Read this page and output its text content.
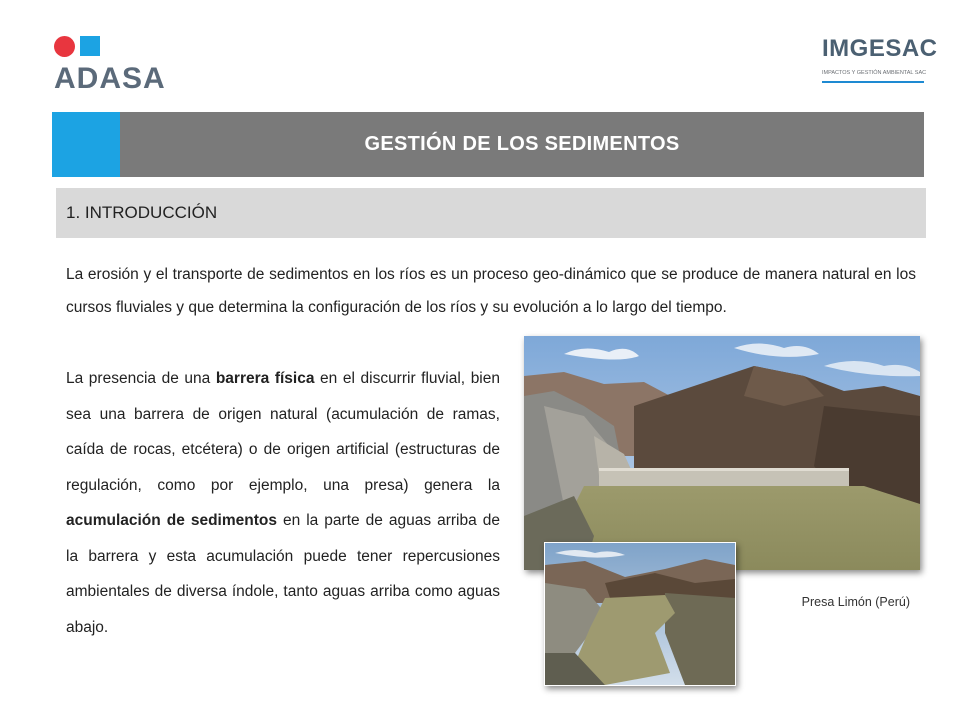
ADASA
IMGESAC
IMPACTOS Y GESTIÓN AMBIENTAL SAC
GESTIÓN DE LOS SEDIMENTOS
1. INTRODUCCIÓN

La erosión y el transporte de sedimentos en los ríos es un proceso geo-dinámico que se produce de manera natural en los cursos fluviales y que determina la configuración de los ríos y su evolución a lo largo del tiempo.

La presencia de una barrera física en el discurrir fluvial, bien sea una barrera de origen natural (acumulación de ramas, caída de rocas, etcétera) o de origen artificial (estructuras de regulación, como por ejemplo, una presa) genera la acumulación de sedimentos en la parte de aguas arriba de la barrera y esta acumulación puede tener repercusiones ambientales de diversa índole, tanto aguas arriba como aguas abajo.

Presa Limón (Perú)
